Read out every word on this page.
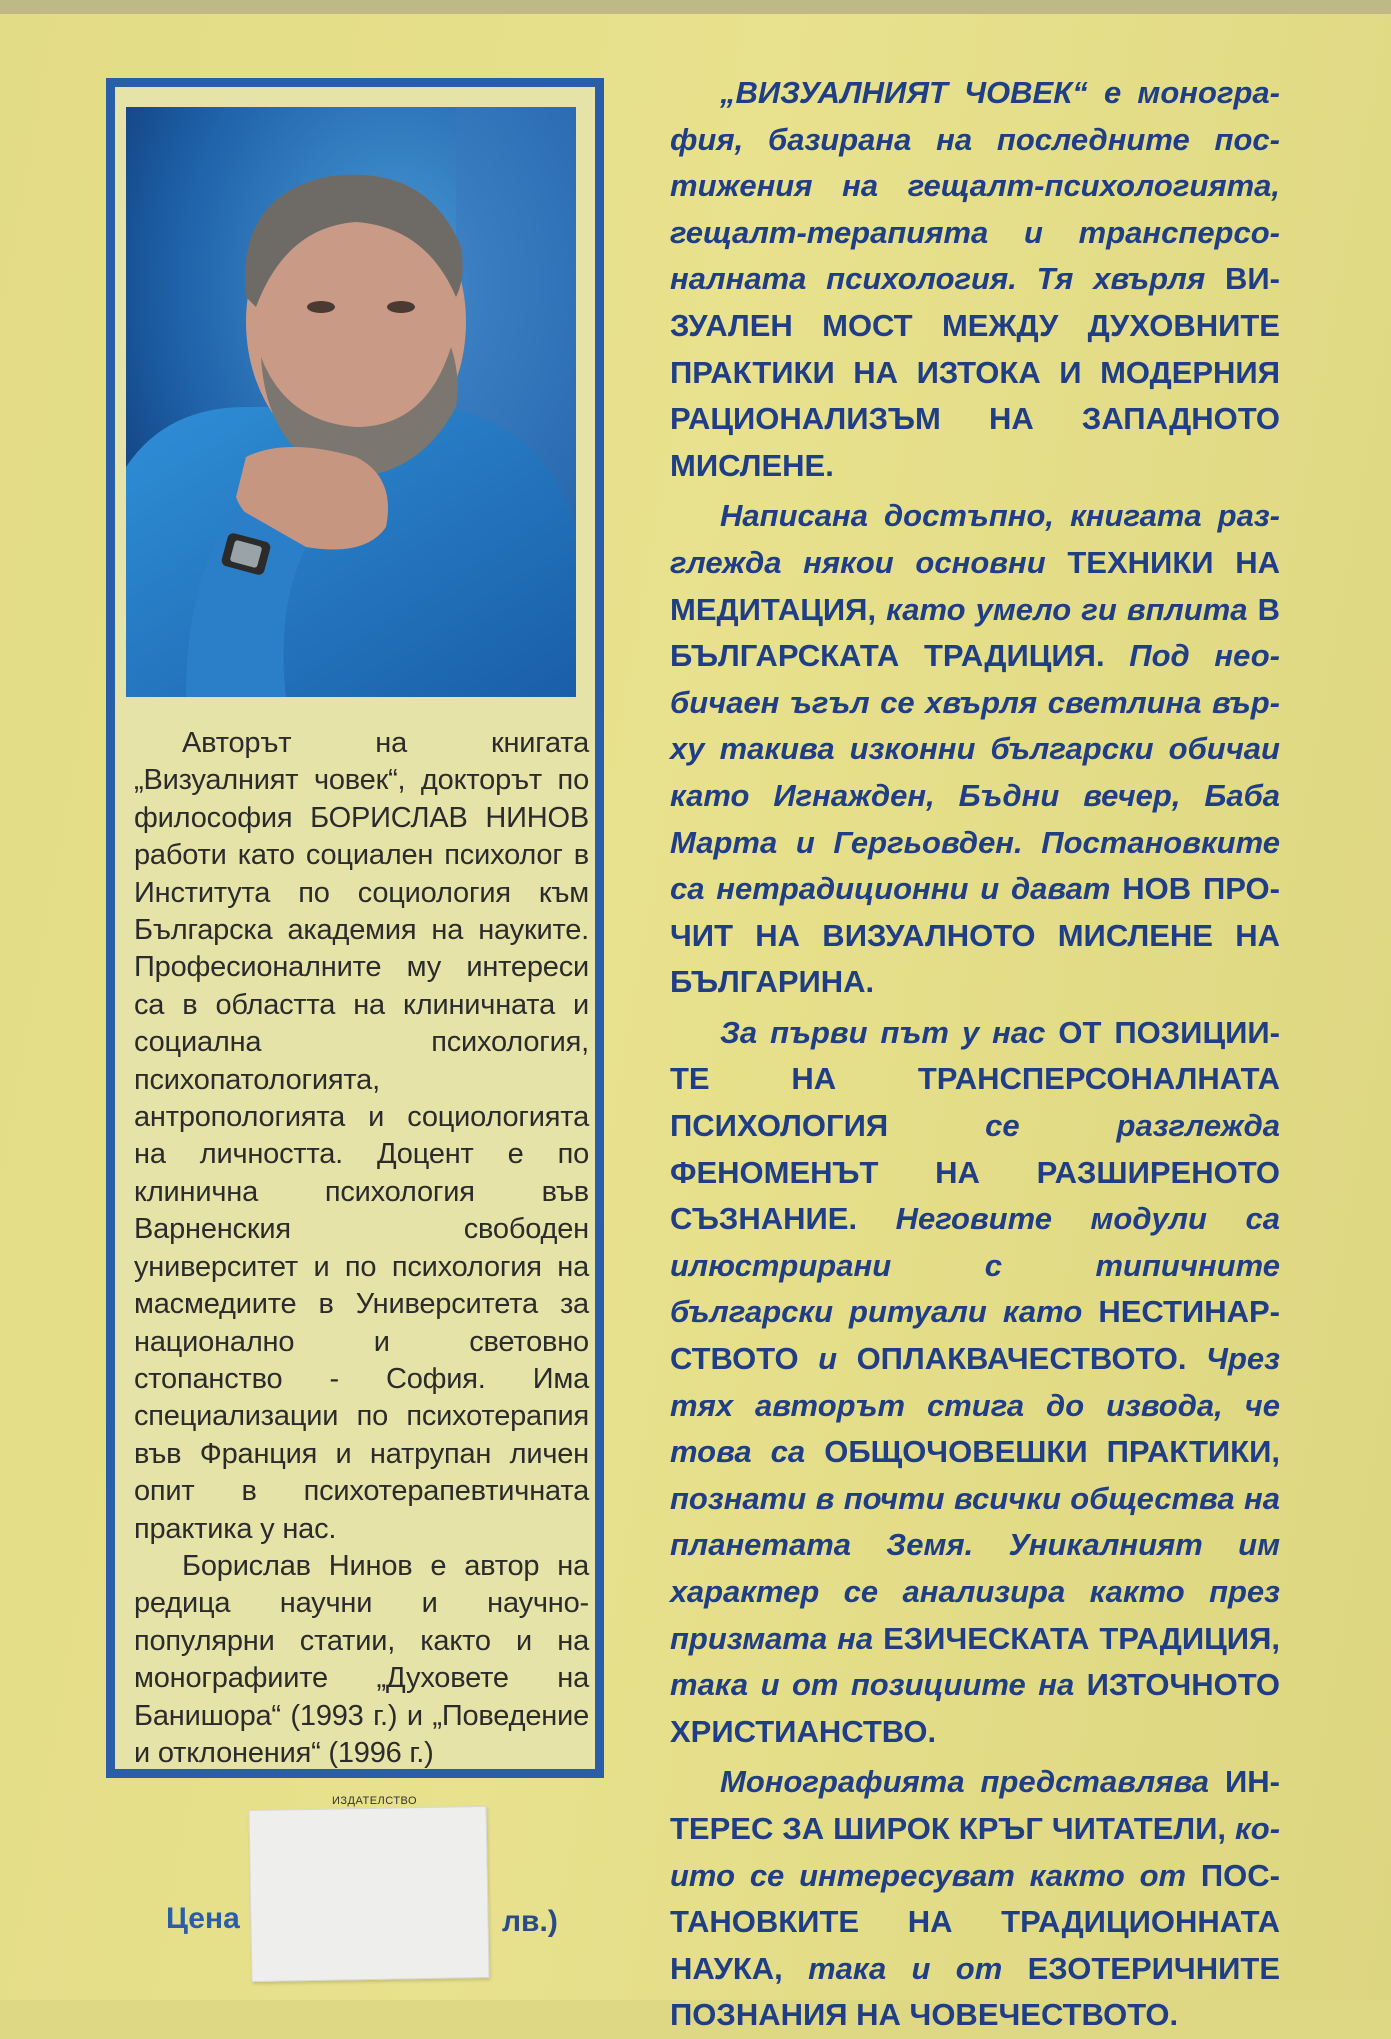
Авторът на книгата „Визуалният човек“, докторът по философия БОРИСЛАВ НИНОВ работи като социален психолог в Института по социология към Българска академия на науките. Професионалните му интереси са в областта на клиничната и социална психология, психопатологията, антропологията и социологията на личността. Доцент е по клинична психология във Варненския свободен университет и по психология на масмедиите в Университета за национално и световно стопанство - София. Има специализации по психотерапия във Франция и натрупан личен опит в психотерапевтичната практика у нас.

Борислав Нинов е автор на редица научни и научно-популярни статии, както и на монографиите „Духовете на Банишора“ (1993 г.) и „Поведение и отклонения“ (1996 г.)

ИЗДАТЕЛСТВО
Цена	лв.)

„ВИЗУАЛНИЯТ ЧОВЕК“ е монография, базирана на последните постижения на гещалт-психологията, гещалт-терапията и трансперсоналната психология. Тя хвърля ВИЗУАЛЕН МОСТ МЕЖДУ ДУХОВНИТЕ ПРАКТИКИ НА ИЗТОКА И МОДЕРНИЯ РАЦИОНАЛИЗЪМ НА ЗАПАДНОТО МИСЛЕНЕ.

Написана достъпно, книгата разглежда някои основни ТЕХНИКИ НА МЕДИТАЦИЯ, като умело ги вплита В БЪЛГАРСКАТА ТРАДИЦИЯ. Под необичаен ъгъл се хвърля светлина върху такива изконни български обичаи като Игнажден, Бъдни вечер, Баба Марта и Гергьовден. Постановките са нетрадиционни и дават НОВ ПРОЧИТ НА ВИЗУАЛНОТО МИСЛЕНЕ НА БЪЛГАРИНА.

За първи път у нас ОТ ПОЗИЦИИТЕ НА ТРАНСПЕРСОНАЛНАТА ПСИХОЛОГИЯ се разглежда ФЕНОМЕНЪТ НА РАЗШИРЕНОТО СЪЗНАНИЕ. Неговите модули са илюстрирани с типичните български ритуали като НЕСТИНАРСТВОТО и ОПЛАКВАЧЕСТВОТО. Чрез тях авторът стига до извода, че това са ОБЩОЧОВЕШКИ ПРАКТИКИ, познати в почти всички общества на планетата Земя. Уникалният им характер се анализира както през призмата на ЕЗИЧЕСКАТА ТРАДИЦИЯ, така и от позициите на ИЗТОЧНОТО ХРИСТИАНСТВО.

Монографията представлява ИНТЕРЕС ЗА ШИРОК КРЪГ ЧИТАТЕЛИ, които се интересуват както от ПОСТАНОВКИТЕ НА ТРАДИЦИОННАТА НАУКА, така и от ЕЗОТЕРИЧНИТЕ ПОЗНАНИЯ НА ЧОВЕЧЕСТВОТО.
